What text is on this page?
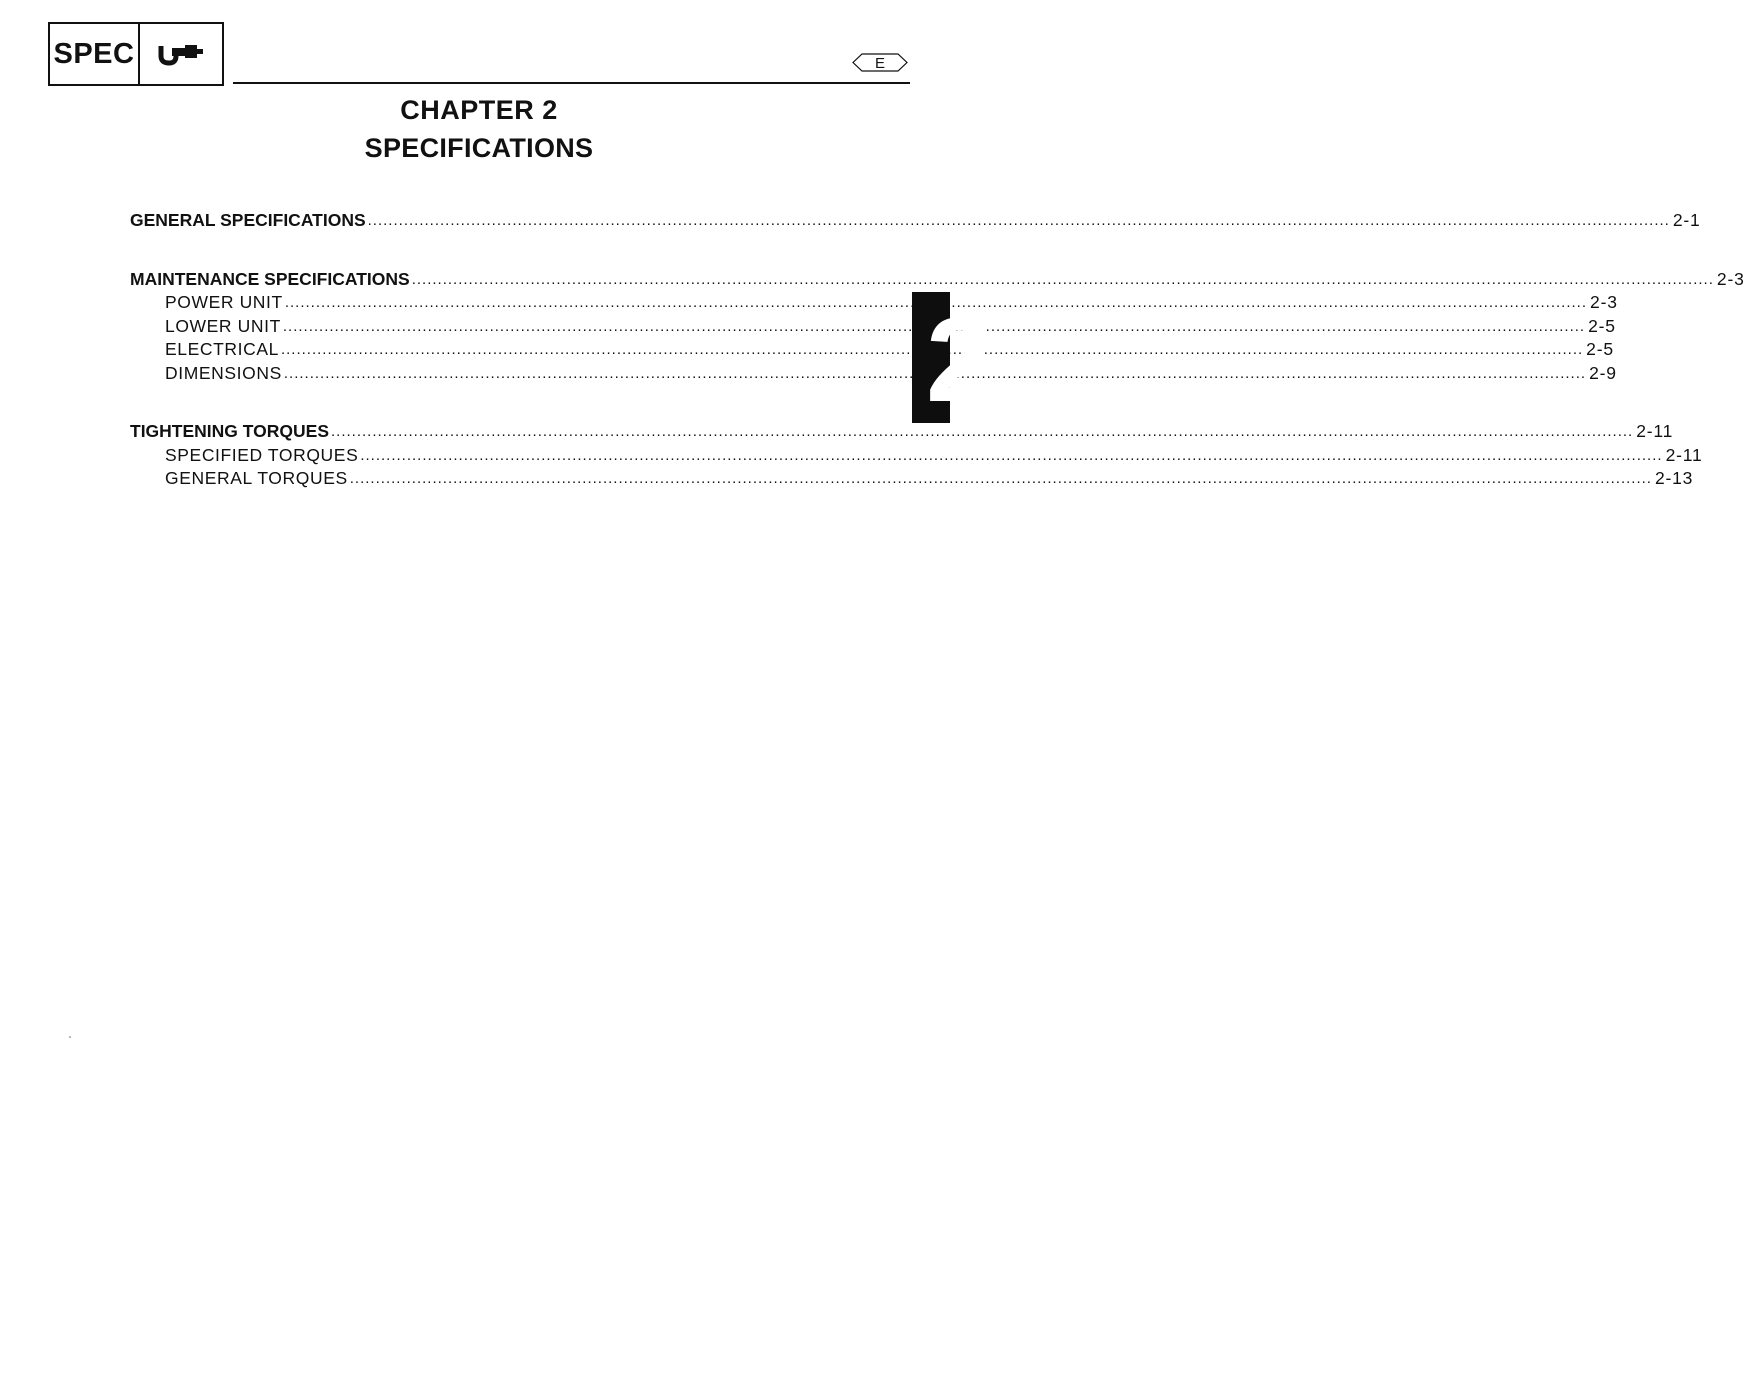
SPEC	E
CHAPTER 2
SPECIFICATIONS
GENERAL SPECIFICATIONS .....	2-1
MAINTENANCE SPECIFICATIONS .....	2-3
POWER UNIT .....	2-3
LOWER UNIT .....	2-5
ELECTRICAL .....	2-5
DIMENSIONS .....	2-9
TIGHTENING TORQUES .....	2-11
SPECIFIED TORQUES .....	2-11
GENERAL TORQUES .....	2-13
2
